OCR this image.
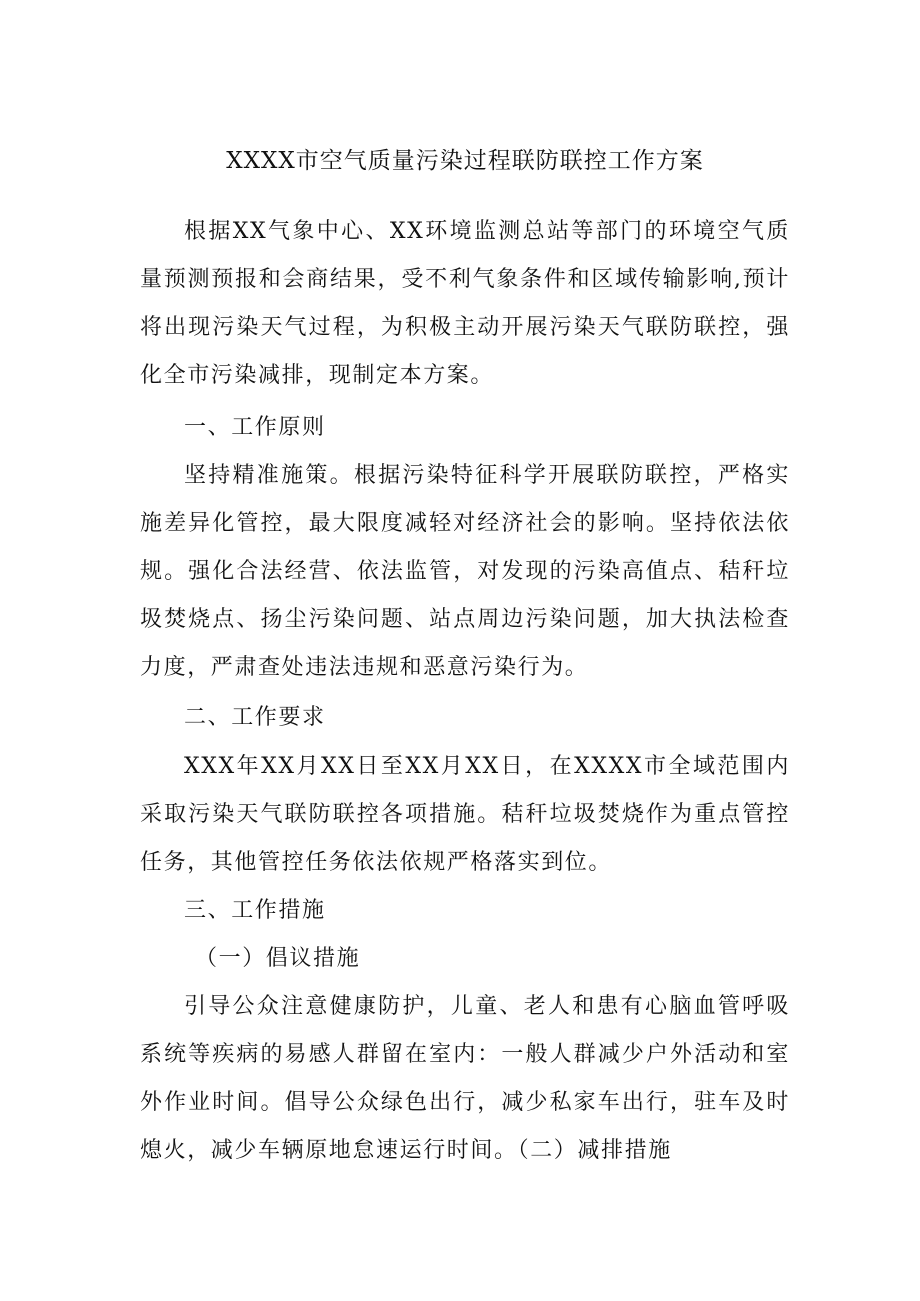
XXXX市空气质量污染过程联防联控工作方案
根据XX气象中心、XX环境监测总站等部门的环境空气质量预测预报和会商结果，受不利气象条件和区域传输影响,预计将出现污染天气过程，为积极主动开展污染天气联防联控，强化全市污染减排，现制定本方案。
一、工作原则
坚持精准施策。根据污染特征科学开展联防联控，严格实施差异化管控，最大限度减轻对经济社会的影响。坚持依法依规。强化合法经营、依法监管，对发现的污染高值点、秸秆垃圾焚烧点、扬尘污染问题、站点周边污染问题，加大执法检查力度，严肃查处违法违规和恶意污染行为。
二、工作要求
XXX年XX月XX日至XX月XX日，在XXXX市全域范围内采取污染天气联防联控各项措施。秸秆垃圾焚烧作为重点管控任务，其他管控任务依法依规严格落实到位。
三、工作措施
（一）倡议措施
引导公众注意健康防护，儿童、老人和患有心脑血管呼吸系统等疾病的易感人群留在室内：一般人群减少户外活动和室外作业时间。倡导公众绿色出行，减少私家车出行，驻车及时熄火，减少车辆原地怠速运行时间。（二）减排措施
